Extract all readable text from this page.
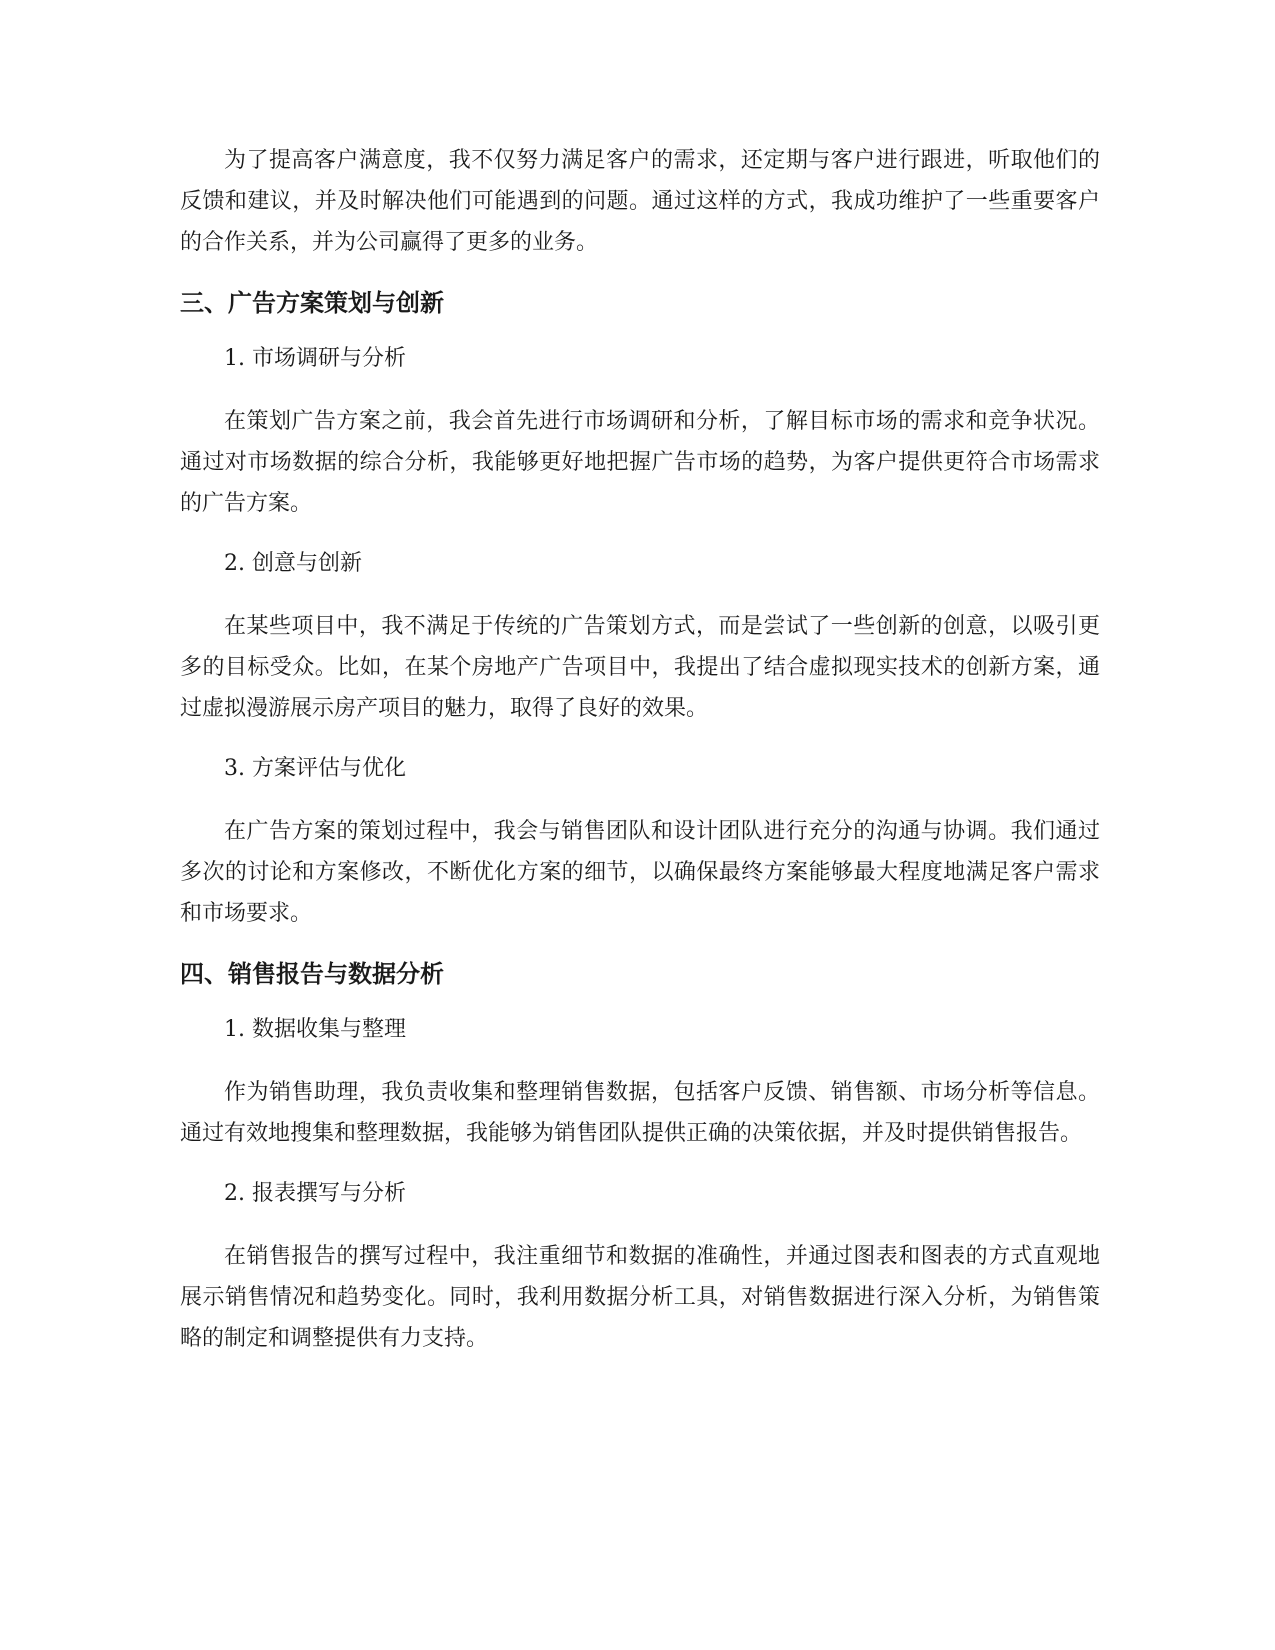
为了提高客户满意度，我不仅努力满足客户的需求，还定期与客户进行跟进，听取他们的反馈和建议，并及时解决他们可能遇到的问题。通过这样的方式，我成功维护了一些重要客户的合作关系，并为公司赢得了更多的业务。

三、广告方案策划与创新
1. 市场调研与分析

在策划广告方案之前，我会首先进行市场调研和分析，了解目标市场的需求和竞争状况。通过对市场数据的综合分析，我能够更好地把握广告市场的趋势，为客户提供更符合市场需求的广告方案。

2. 创意与创新

在某些项目中，我不满足于传统的广告策划方式，而是尝试了一些创新的创意，以吸引更多的目标受众。比如，在某个房地产广告项目中，我提出了结合虚拟现实技术的创新方案，通过虚拟漫游展示房产项目的魅力，取得了良好的效果。

3. 方案评估与优化

在广告方案的策划过程中，我会与销售团队和设计团队进行充分的沟通与协调。我们通过多次的讨论和方案修改，不断优化方案的细节，以确保最终方案能够最大程度地满足客户需求和市场要求。

四、销售报告与数据分析
1. 数据收集与整理

作为销售助理，我负责收集和整理销售数据，包括客户反馈、销售额、市场分析等信息。通过有效地搜集和整理数据，我能够为销售团队提供正确的决策依据，并及时提供销售报告。

2. 报表撰写与分析

在销售报告的撰写过程中，我注重细节和数据的准确性，并通过图表和图表的方式直观地展示销售情况和趋势变化。同时，我利用数据分析工具，对销售数据进行深入分析，为销售策略的制定和调整提供有力支持。
